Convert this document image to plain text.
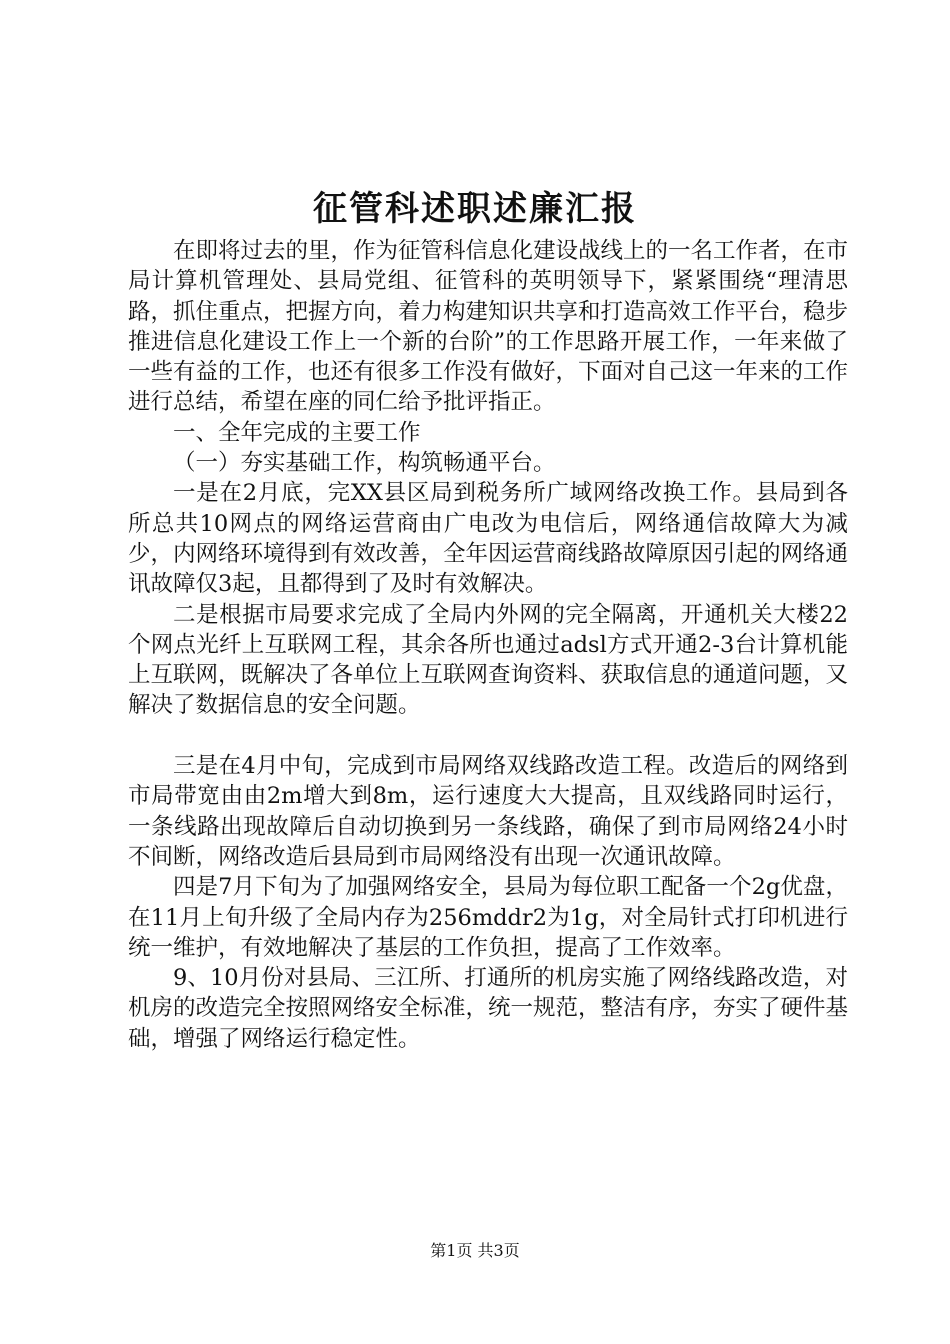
征管科述职述廉汇报

在即将过去的里，作为征管科信息化建设战线上的一名工作者，在市局计算机管理处、县局党组、征管科的英明领导下，紧紧围绕“理清思路，抓住重点，把握方向，着力构建知识共享和打造高效工作平台，稳步推进信息化建设工作上一个新的台阶”的工作思路开展工作，一年来做了一些有益的工作，也还有很多工作没有做好，下面对自己这一年来的工作进行总结，希望在座的同仁给予批评指正。

一、全年完成的主要工作

（一）夯实基础工作，构筑畅通平台。

一是在2月底，完XX县区局到税务所广域网络改换工作。县局到各所总共10网点的网络运营商由广电改为电信后，网络通信故障大为减少，内网络环境得到有效改善，全年因运营商线路故障原因引起的网络通讯故障仅3起，且都得到了及时有效解决。

二是根据市局要求完成了全局内外网的完全隔离，开通机关大楼22个网点光纤上互联网工程，其余各所也通过adsl方式开通2-3台计算机能上互联网，既解决了各单位上互联网查询资料、获取信息的通道问题，又解决了数据信息的安全问题。

三是在4月中旬，完成到市局网络双线路改造工程。改造后的网络到市局带宽由由2m增大到8m，运行速度大大提高，且双线路同时运行，一条线路出现故障后自动切换到另一条线路，确保了到市局网络24小时不间断，网络改造后县局到市局网络没有出现一次通讯故障。

四是7月下旬为了加强网络安全，县局为每位职工配备一个2g优盘，在11月上旬升级了全局内存为256mddr2为1g，对全局针式打印机进行统一维护，有效地解决了基层的工作负担，提高了工作效率。

9、10月份对县局、三江所、打通所的机房实施了网络线路改造，对机房的改造完全按照网络安全标准，统一规范，整洁有序，夯实了硬件基础，增强了网络运行稳定性。

第1页 共3页
